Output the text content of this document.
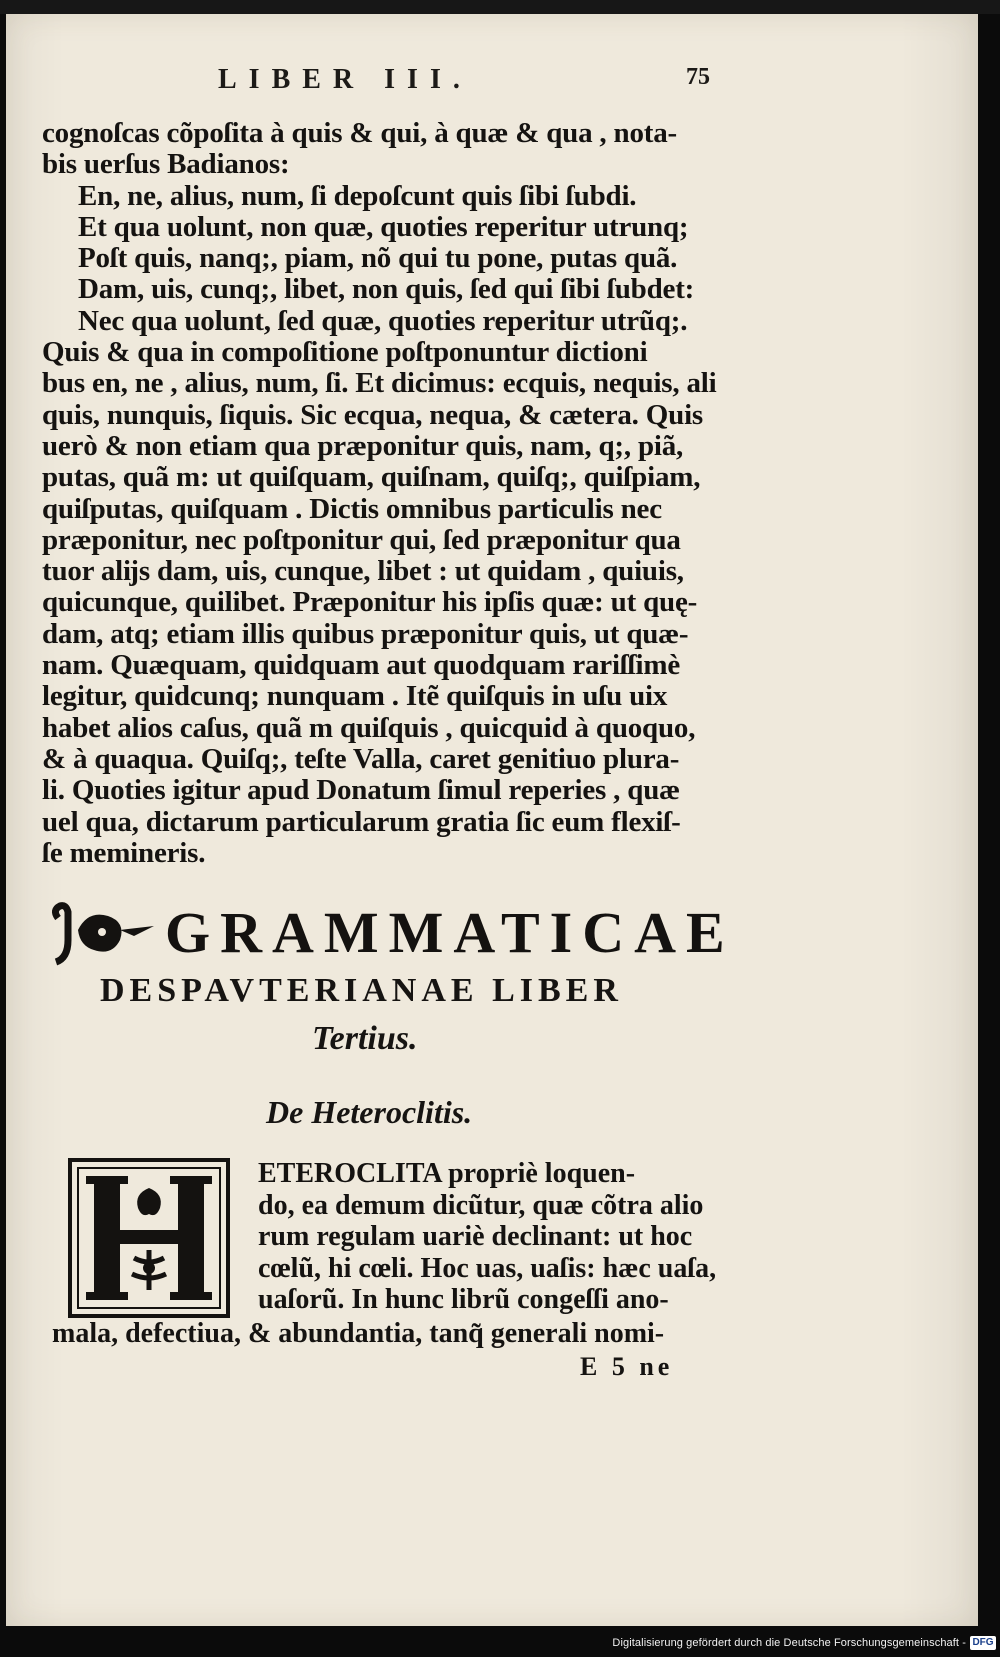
LIBER III.	75
cognoſcas cõpoſita à quis & qui, à quæ & qua , nota-
bis uerſus Badianos:
En, ne, alius, num, ſi depoſcunt quis ſibi ſubdi.
Et qua uolunt, non quæ, quoties reperitur utrunq;
Poſt quis, nanq;, piam, nõ qui tu pone, putas quã.
Dam, uis, cunq;, libet, non quis, ſed qui ſibi ſubdet:
Nec qua uolunt, ſed quæ, quoties reperitur utrũq;.
Quis & qua in compoſitione poſtponuntur dictioni
bus en, ne , alius, num, ſi. Et dicimus: ecquis, nequis, ali
quis, nunquis, ſiquis. Sic ecqua, nequa, & cætera. Quis
uerò & non etiam qua præponitur quis, nam, q;, piã,
putas, quã m: ut quiſquam, quiſnam, quiſq;, quiſpiam,
quiſputas, quiſquam . Dictis omnibus particulis nec
præponitur, nec poſtponitur qui, ſed præponitur qua
tuor alĳs dam, uis, cunque, libet : ut quidam , quiuis,
quicunque, quilibet. Præponitur his ipſis quæ: ut quę-
dam, atq; etiam illis quibus præponitur quis, ut quæ-
nam. Quæquam, quidquam aut quodquam rariſſimè
legitur, quidcunq; nunquam . Itẽ quiſquis in uſu uix
habet alios caſus, quã m quiſquis , quicquid à quoquo,
& à quaqua. Quiſq;, teſte Valla, caret genitiuo plura-
li. Quoties igitur apud Donatum ſimul reperies , quæ
uel qua, dictarum particularum gratia ſic eum flexiſ-
ſe memineris.
GRAMMATICAE
DESPAVTERIANAE LIBER
Tertius.
De Heteroclitis.
ETEROCLITA propriè loquen-
do, ea demum dicũtur, quæ cõtra alio
rum regulam uariè declinant: ut hoc
cœlũ, hi cœli. Hoc uas, uaſis: hæc uaſa,
uaſorũ. In hunc librũ congeſſi ano-
mala, defectiua, & abundantia, tanq̃ generali nomi-
E 5 ne
Digitalisierung gefördert durch die Deutsche Forschungsgemeinschaft - DFG
